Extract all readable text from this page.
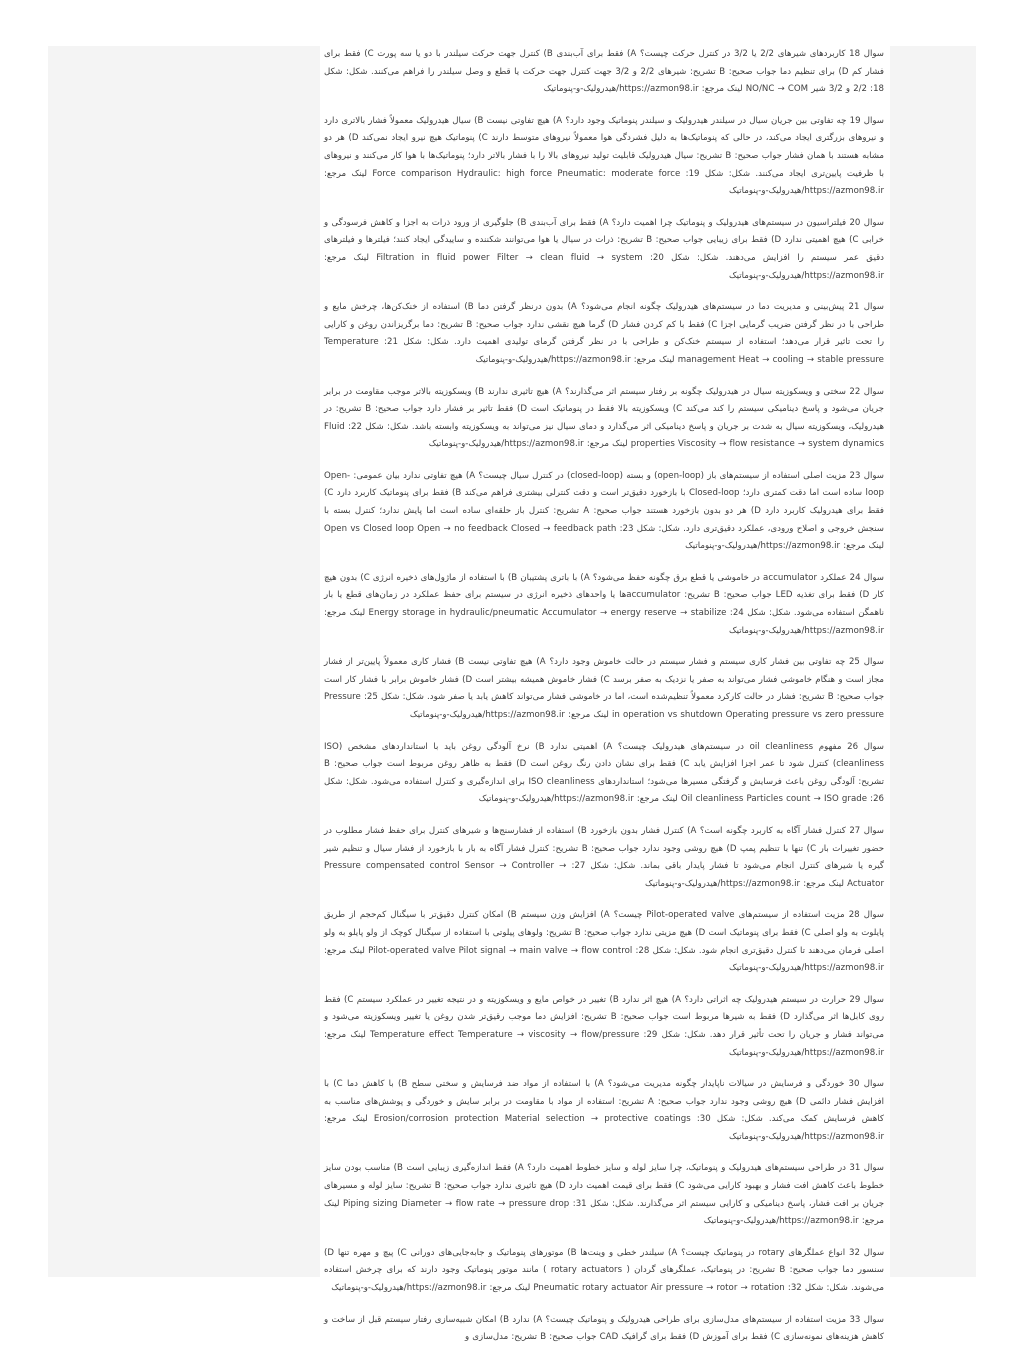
سوال 18 کاربردهای شیرهای 2/2 یا 3/2 در کنترل حرکت چیست؟ A) فقط برای آب‌بندی B) کنترل جهت حرکت سیلندر با دو یا سه پورت C) فقط برای فشار کم D) برای تنظیم دما جواب صحیح: B تشریح: شیرهای 2/2 و 3/2 جهت کنترل جهت حرکت یا قطع و وصل سیلندر را فراهم می‌کنند. شکل: شکل 18: 2/2 و 3/2 شیر NO/NC → COM لینک مرجع: https://azmon98.ir/هیدرولیک-و-پنوماتیک

سوال 19 چه تفاوتی بین جریان سیال در سیلندر هیدرولیک و سیلندر پنوماتیک وجود دارد؟ A) هیچ تفاوتی نیست B) سیال هیدرولیک معمولاً فشار بالاتری دارد و نیروهای بزرگتری ایجاد می‌کند، در حالی که پنوماتیک‌ها به دلیل فشردگی هوا معمولاً نیروهای متوسط دارند C) پنوماتیک هیچ نیرو ایجاد نمی‌کند D) هر دو مشابه هستند با همان فشار جواب صحیح: B تشریح: سیال هیدرولیک قابلیت تولید نیروهای بالا را با فشار بالاتر دارد؛ پنوماتیک‌ها با هوا کار می‌کنند و نیروهای با ظرفیت پایین‌تری ایجاد می‌کنند. شکل: شکل 19: Force comparison Hydraulic: high force Pneumatic: moderate force لینک مرجع: https://azmon98.ir/هیدرولیک-و-پنوماتیک

سوال 20 فیلتراسیون در سیستم‌های هیدرولیک و پنوماتیک چرا اهمیت دارد؟ A) فقط برای آب‌بندی B) جلوگیری از ورود ذرات به اجزا و کاهش فرسودگی و خرابی C) هیچ اهمیتی ندارد D) فقط برای زیبایی جواب صحیح: B تشریح: ذرات در سیال یا هوا می‌توانند شکننده و ساییدگی ایجاد کنند؛ فیلترها و فیلترهای دقیق عمر سیستم را افزایش می‌دهند. شکل: شکل 20: Filtration in fluid power Filter → clean fluid → system لینک مرجع: https://azmon98.ir/هیدرولیک-و-پنوماتیک

سوال 21 پیش‌بینی و مدیریت دما در سیستم‌های هیدرولیک چگونه انجام می‌شود؟ A) بدون درنظر گرفتن دما B) استفاده از خنک‌کن‌ها، چرخش مایع و طراحی با در نظر گرفتن ضریب گرمایی اجزا C) فقط با کم کردن فشار D) گرما هیچ نقشی ندارد جواب صحیح: B تشریح: دما برگریزاندن روغن و کارایی را تحت تاثیر قرار می‌دهد؛ استفاده از سیستم خنک‌کن و طراحی با در نظر گرفتن گرمای تولیدی اهمیت دارد. شکل: شکل 21: Temperature management Heat → cooling → stable pressure لینک مرجع: https://azmon98.ir/هیدرولیک-و-پنوماتیک

سوال 22 سختی و ویسکوزیته سیال در هیدرولیک چگونه بر رفتار سیستم اثر می‌گذارند؟ A) هیچ تاثیری ندارند B) ویسکوزیته بالاتر موجب مقاومت در برابر جریان می‌شود و پاسخ دینامیکی سیستم را کند می‌کند C) ویسکوزیته بالا فقط در پنوماتیک است D) فقط تاثیر بر فشار دارد جواب صحیح: B تشریح: در هیدرولیک، ویسکوزیته سیال به شدت بر جریان و پاسخ دینامیکی اثر می‌گذارد و دمای سیال نیز می‌تواند به ویسکوزیته وابسته باشد. شکل: شکل 22: Fluid properties Viscosity → flow resistance → system dynamics لینک مرجع: https://azmon98.ir/هیدرولیک-و-پنوماتیک

سوال 23 مزیت اصلی استفاده از سیستم‌های باز (open-loop) و بسته (closed-loop) در کنترل سیال چیست؟ A) هیچ تفاوتی ندارد بیان عمومی: Open-loop ساده است اما دقت کمتری دارد؛ Closed-loop با بازخورد دقیق‌تر است و دقت کنترلی بیشتری فراهم می‌کند B) فقط برای پنوماتیک کاربرد دارد C) فقط برای هیدرولیک کاربرد دارد D) هر دو بدون بازخورد هستند جواب صحیح: A تشریح: کنترل باز حلقه‌ای ساده است اما پایش ندارد؛ کنترل بسته با سنجش خروجی و اصلاح ورودی، عملکرد دقیق‌تری دارد. شکل: شکل 23: Open vs Closed loop Open → no feedback Closed → feedback path لینک مرجع: https://azmon98.ir/هیدرولیک-و-پنوماتیک

سوال 24 عملکرد accumulator در خاموشی یا قطع برق چگونه حفظ می‌شود؟ A) با باتری پشتیبان B) با استفاده از ماژول‌های ذخیره انرژی C) بدون هیچ کار D) فقط برای تغذیه LED جواب صحیح: B تشریح: accumulatorها یا واحدهای ذخیره انرژی در سیستم برای حفظ عملکرد در زمان‌های قطع یا بار ناهمگن استفاده می‌شود. شکل: شکل 24: Energy storage in hydraulic/pneumatic Accumulator → energy reserve → stabilize لینک مرجع: https://azmon98.ir/هیدرولیک-و-پنوماتیک

سوال 25 چه تفاوتی بین فشار کاری سیستم و فشار سیستم در حالت خاموش وجود دارد؟ A) هیچ تفاوتی نیست B) فشار کاری معمولاً پایین‌تر از فشار مجاز است و هنگام خاموشی فشار می‌تواند به صفر یا نزدیک به صفر برسد C) فشار خاموش همیشه بیشتر است D) فشار خاموش برابر با فشار کار است جواب صحیح: B تشریح: فشار در حالت کارکرد معمولاً تنظیم‌شده است، اما در خاموشی فشار می‌تواند کاهش یابد یا صفر شود. شکل: شکل 25: Pressure in operation vs shutdown Operating pressure vs zero pressure لینک مرجع: https://azmon98.ir/هیدرولیک-و-پنوماتیک

سوال 26 مفهوم oil cleanliness در سیستم‌های هیدرولیک چیست؟ A) اهمیتی ندارد B) نرخ آلودگی روغن باید با استانداردهای مشخص (ISO cleanliness) کنترل شود تا عمر اجزا افزایش یابد C) فقط برای نشان دادن رنگ روغن است D) فقط به ظاهر روغن مربوط است جواب صحیح: B تشریح: آلودگی روغن باعث فرسایش و گرفتگی مسیرها می‌شود؛ استانداردهای ISO cleanliness برای اندازه‌گیری و کنترل استفاده می‌شود. شکل: شکل 26: Oil cleanliness Particles count → ISO grade لینک مرجع: https://azmon98.ir/هیدرولیک-و-پنوماتیک

سوال 27 کنترل فشار آگاه به کاربرد چگونه است؟ A) کنترل فشار بدون بازخورد B) استفاده از فشارسنج‌ها و شیرهای کنترل برای حفظ فشار مطلوب در حضور تغییرات بار C) تنها با تنظیم پمپ D) هیچ روشی وجود ندارد جواب صحیح: B تشریح: کنترل فشار آگاه به بار با بازخورد از فشار سیال و تنظیم شیر گیره یا شیرهای کنترل انجام می‌شود تا فشار پایدار باقی بماند. شکل: شکل 27: Pressure compensated control Sensor → Controller → Actuator لینک مرجع: https://azmon98.ir/هیدرولیک-و-پنوماتیک

سوال 28 مزیت استفاده از سیستم‌های Pilot-operated valve چیست؟ A) افزایش وزن سیستم B) امکان کنترل دقیق‌تر با سیگنال کم‌حجم از طریق پایلوت به ولو اصلی C) فقط برای پنوماتیک است D) هیچ مزیتی ندارد جواب صحیح: B تشریح: ولوهای پیلوتی با استفاده از سیگنال کوچک از ولو پایلو به ولو اصلی فرمان می‌دهند تا کنترل دقیق‌تری انجام شود. شکل: شکل 28: Pilot-operated valve Pilot signal → main valve → flow control لینک مرجع: https://azmon98.ir/هیدرولیک-و-پنوماتیک

سوال 29 حرارت در سیستم هیدرولیک چه اثراتی دارد؟ A) هیچ اثر ندارد B) تغییر در خواص مایع و ویسکوزیته و در نتیجه تغییر در عملکرد سیستم C) فقط روی کابل‌ها اثر می‌گذارد D) فقط به شیرها مربوط است جواب صحیح: B تشریح: افزایش دما موجب رقیق‌تر شدن روغن یا تغییر ویسکوزیته می‌شود و می‌تواند فشار و جریان را تحت تأثیر قرار دهد. شکل: شکل 29: Temperature effect Temperature → viscosity → flow/pressure لینک مرجع: https://azmon98.ir/هیدرولیک-و-پنوماتیک

سوال 30 خوردگی و فرسایش در سیالات ناپایدار چگونه مدیریت می‌شود؟ A) با استفاده از مواد ضد فرسایش و سختی سطح B) با کاهش دما C) با افزایش فشار دائمی D) هیچ روشی وجود ندارد جواب صحیح: A تشریح: استفاده از مواد با مقاومت در برابر سایش و خوردگی و پوشش‌های مناسب به کاهش فرسایش کمک می‌کند. شکل: شکل 30: Erosion/corrosion protection Material selection → protective coatings لینک مرجع: https://azmon98.ir/هیدرولیک-و-پنوماتیک

سوال 31 در طراحی سیستم‌های هیدرولیک و پنوماتیک، چرا سایز لوله و سایز خطوط اهمیت دارد؟ A) فقط اندازه‌گیری زیبایی است B) مناسب بودن سایز خطوط باعث کاهش افت فشار و بهبود کارایی می‌شود C) فقط برای قیمت اهمیت دارد D) هیچ تاثیری ندارد جواب صحیح: B تشریح: سایز لوله و مسیرهای جریان بر افت فشار، پاسخ دینامیکی و کارایی سیستم اثر می‌گذارند. شکل: شکل 31: Piping sizing Diameter → flow rate → pressure drop لینک مرجع: https://azmon98.ir/هیدرولیک-و-پنوماتیک

سوال 32 انواع عملگرهای rotary در پنوماتیک چیست؟ A) سیلندر خطی و وینت‌ها B) موتورهای پنوماتیک و جابه‌جایی‌های دورانی C) پیچ و مهره تنها D) سنسور دما جواب صحیح: B تشریح: در پنوماتیک، عملگرهای گردان ( rotary actuators ) مانند موتور پنوماتیک وجود دارند که برای چرخش استفاده می‌شوند. شکل: شکل 32: Pneumatic rotary actuator Air pressure → rotor → rotation لینک مرجع: https://azmon98.ir/هیدرولیک-و-پنوماتیک

سوال 33 مزیت استفاده از سیستم‌های مدل‌سازی برای طراحی هیدرولیک و پنوماتیک چیست؟ A) ندارد B) امکان شبیه‌سازی رفتار سیستم قبل از ساخت و کاهش هزینه‌های نمونه‌سازی C) فقط برای آموزش D) فقط برای گرافیک CAD جواب صحیح: B تشریح: مدل‌سازی و
